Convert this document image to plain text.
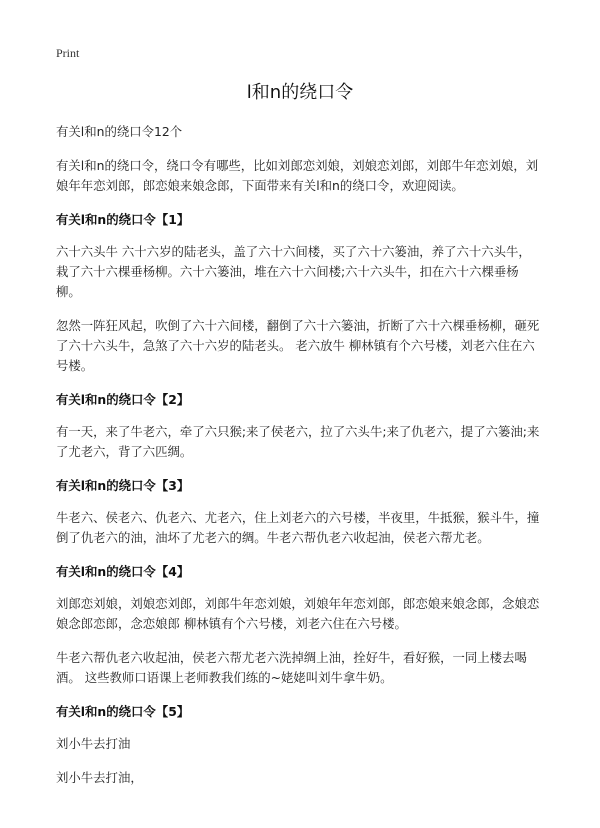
Print
l和n的绕口令

有关l和n的绕口令12个

有关l和n的绕口令，绕口令有哪些，比如刘郎恋刘娘，刘娘恋刘郎，刘郎牛年恋刘娘，刘娘年年恋刘郎，郎恋娘来娘念郎，下面带来有关l和n的绕口令，欢迎阅读。

有关l和n的绕口令【1】

六十六头牛 六十六岁的陆老头，盖了六十六间楼，买了六十六篓油，养了六十六头牛，栽了六十六棵垂杨柳。六十六篓油，堆在六十六间楼;六十六头牛，扣在六十六棵垂杨柳。

忽然一阵狂风起，吹倒了六十六间楼，翻倒了六十六篓油，折断了六十六棵垂杨柳，砸死了六十六头牛，急煞了六十六岁的陆老头。 老六放牛 柳林镇有个六号楼，刘老六住在六号楼。

有关l和n的绕口令【2】

有一天，来了牛老六，牵了六只猴;来了侯老六，拉了六头牛;来了仇老六，提了六篓油;来了尤老六，背了六匹绸。

有关l和n的绕口令【3】

牛老六、侯老六、仇老六、尤老六，住上刘老六的六号楼，半夜里，牛抵猴，猴斗牛，撞倒了仇老六的油，油坏了尤老六的绸。牛老六帮仇老六收起油，侯老六帮尤老。

有关l和n的绕口令【4】

刘郎恋刘娘，刘娘恋刘郎，刘郎牛年恋刘娘，刘娘年年恋刘郎，郎恋娘来娘念郎，念娘恋娘念郎恋郎，念恋娘郎 柳林镇有个六号楼，刘老六住在六号楼。

牛老六帮仇老六收起油，侯老六帮尤老六洗掉绸上油，拴好牛，看好猴，一同上楼去喝酒。 这些教师口语课上老师教我们练的~姥姥叫刘牛拿牛奶。

有关l和n的绕口令【5】

刘小牛去打油

刘小牛去打油，
